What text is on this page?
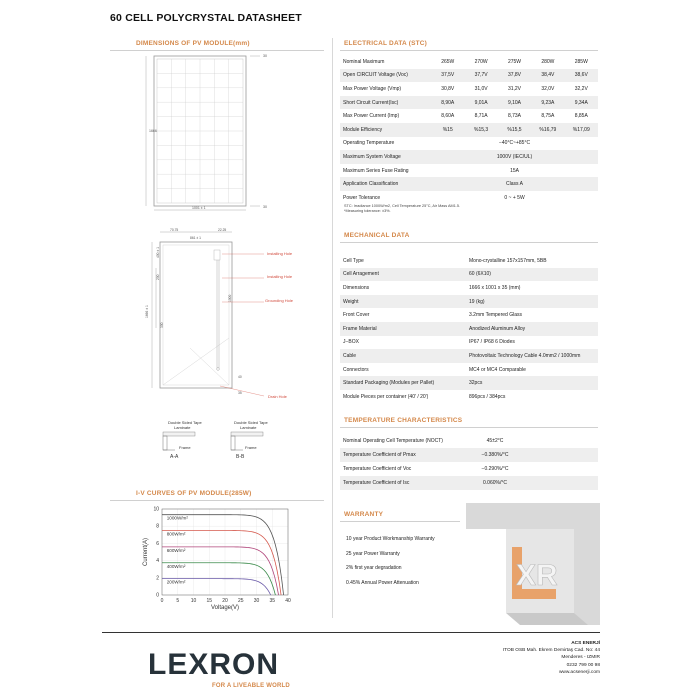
60 CELL POLYCRYSTAL DATASHEET
DIMENSIONS OF PV MODULE(mm)
30
30
1666
1001 ± 1
70.75
861 ± 1
22.25
1666 ± 1
200
400 ± 1
300
1000
40
35
Installing Hole
Installing Hole
Grounding Hole
Drain Hole
Double Sided Tape
Laminate
Double Sided Tape
Laminate
Frame	Frame
A-A	B-B
I-V CURVES OF PV MODULE(285W)
0
2
4
6
8
10
0	5 10 15 20 25 30 35 40
Voltage(V)
Current(A)
1000W/m²
800W/m²
600W/m²
400W/m²
200W/m²
ELECTRICAL DATA (STC)
Nominal Maximum	265W	270W	275W	280W	285W
Open CIRCUIT Voltage (Voc)	37,5V	37,7V	37,8V	38,4V	38,6V
Max Power Voltage (Vmp)	30,8V	31,0V	31,2V	32,0V	32,2V
Short Circuit Current(Isc)	8,90A	9,01A	9,10A	9,23A	9,34A
Max Power Current (Imp)	8,60A	8,71A	8,73A	8,75A	8,85A
Module Efficiency	%15	%15,3	%15,5	%16,79	%17,09
Operating Temperature	−40°C~+85°C				
Maximum System Voltage	1000V (IEC/UL)				
Maximum Series Fuse Rating	15A				
Application Classification	Class A				
Power Tolerance	0 ~ + 5W				
STC: Irradiance 1000W/m2, Cell Temperature 25°C, Air Mass AM1.5.
*Measuring tolerance: ±3%.
MECHANICAL DATA
Cell Type	Mono-crystalline 157x157mm, 5BB
Cell Arragement	60 (6X10)
Dimensions	1666 x 1001 x 35 (mm)
Weight	19 (kg)
Front Cover	3.2mm Tempered Glass
Frame Material	Anodized Aluminum Alloy
J−BOX	IP67 / IP68 6 Diodes
Cable	Photovoltaic Technology Cable 4.0mm2 / 1000mm
Connectors	MC4 or MC4 Comparable
Standard Packaging (Modules per Pallet)	32pcs
Module Pieces per container (40' / 20')	896pcs / 384pcs
TEMPERATURE CHARACTERISTICS
Nominal Operating Cell Temperature (NOCT)	45±2°C	
Temperature Coefficient of Pmax	−0.380%/°C	
Temperature Coefficient of Voc	−0.290%/°C	
Temperature Coefficient of Isc	0.060%/°C	
WARRANTY
10 year Product Workmanship Warranty
25 year Power Warranty
2% first year degradation
0.45% Annual Power Attenuation	XR
LEXRON
FOR A LIVEABLE WORLD
ACS ENERJİ
ITOB OSB Mah. Ekrem Demirtaş Cad. No: 44
Menderes - IZMIR
0232 799 00 98
www.acsenerji.com
